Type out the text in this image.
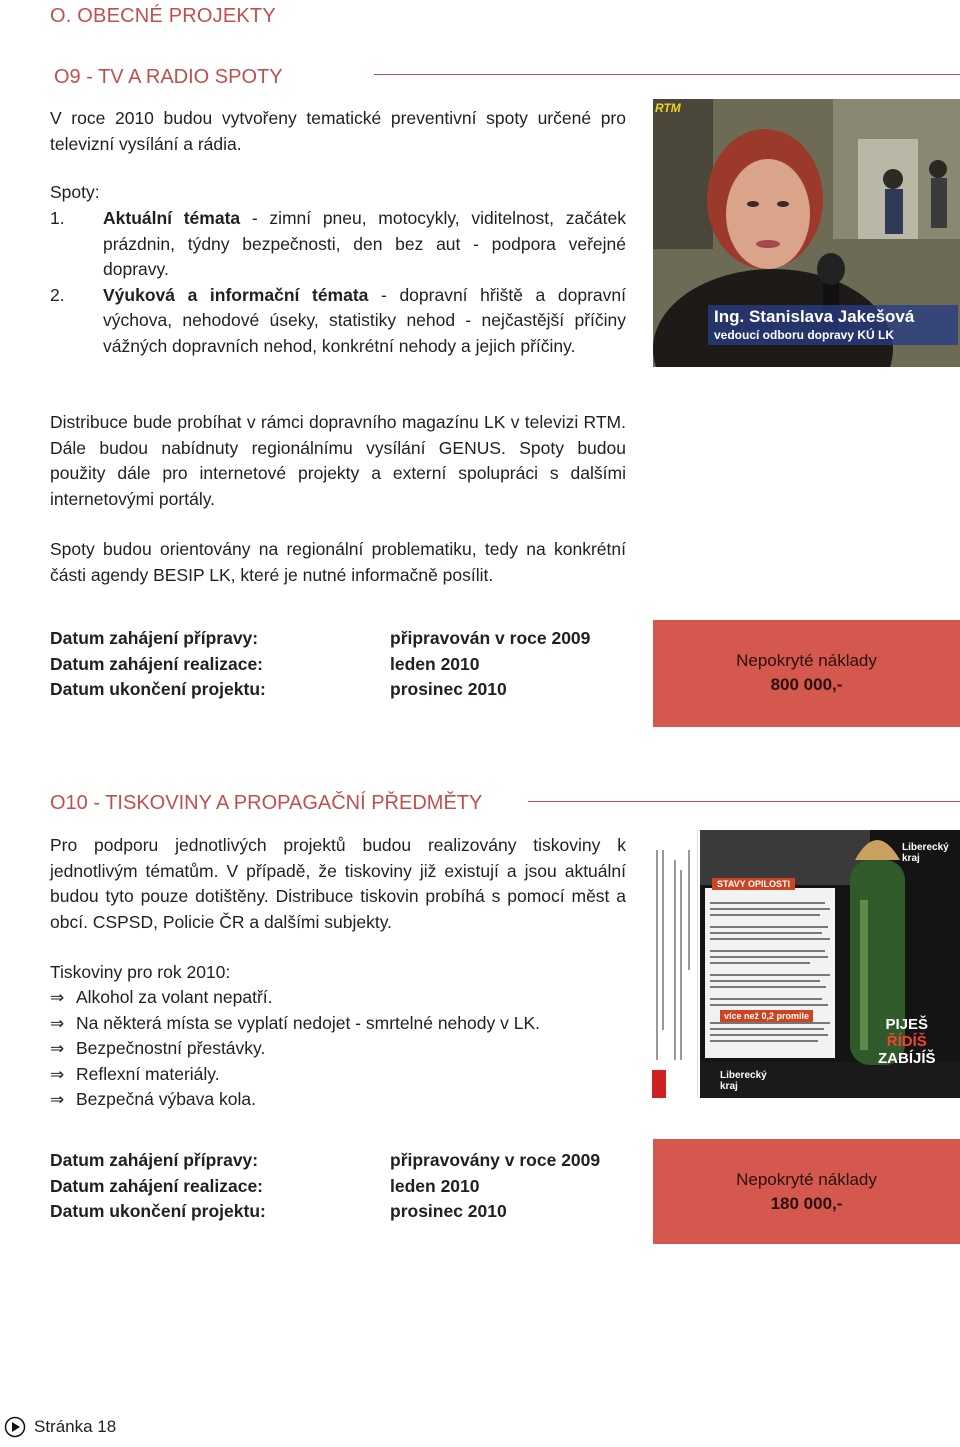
O. OBECNÉ PROJEKTY
O9 - TV A RADIO SPOTY
V roce 2010 budou vytvořeny tematické preventivní spoty určené pro televizní vysílání a rádia.
Spoty:
1. Aktuální témata - zimní pneu, motocykly, viditelnost, začátek prázdnin, týdny bezpečnosti, den bez aut - podpora veřejné dopravy.
2. Výuková a informační témata - dopravní hřiště a dopravní výchova, nehodové úseky, statistiky nehod - nejčastější příčiny vážných dopravních nehod, konkrétní nehody a jejich příčiny.
RTM
Ing. Stanislava Jakešová
vedoucí odboru dopravy KÚ LK
Distribuce bude probíhat v rámci dopravního magazínu LK v televizi RTM. Dále budou nabídnuty regionálnímu vysílání GENUS. Spoty budou použity dále pro internetové projekty a externí spolupráci s dalšími internetovými portály.
Spoty budou orientovány na regionální problematiku, tedy na konkrétní části agendy BESIP LK, které je nutné informačně posílit.
Datum zahájení přípravy:	připravován v roce 2009
Datum zahájení realizace:	leden 2010
Datum ukončení projektu:	prosinec 2010
Nepokryté náklady
800 000,-
O10 - TISKOVINY A PROPAGAČNÍ PŘEDMĚTY
Pro podporu jednotlivých projektů budou realizovány tiskoviny k jednotlivým tématům. V případě, že tiskoviny již existují a jsou aktuální budou tyto pouze dotištěny. Distribuce tiskovin probíhá s pomocí měst a obcí. CSPSD, Policie ČR a dalšími subjekty.
Tiskoviny pro rok 2010:
⇒ Alkohol za volant nepatří.
⇒ Na některá místa se vyplatí nedojet - smrtelné nehody v LK.
⇒ Bezpečnostní přestávky.
⇒ Reflexní materiály.
⇒ Bezpečná výbava kola.
Liberecký kraj
STAVY OPILOSTI
více než 0,2 promile	PIJEŠ
ŘÍDÍŠ
ZABÍJÍŠ
Liberecký kraj
Datum zahájení přípravy:	připravovány v roce 2009
Datum zahájení realizace:	leden 2010
Datum ukončení projektu:	prosinec 2010
Nepokryté náklady
180 000,-
Stránka 18
